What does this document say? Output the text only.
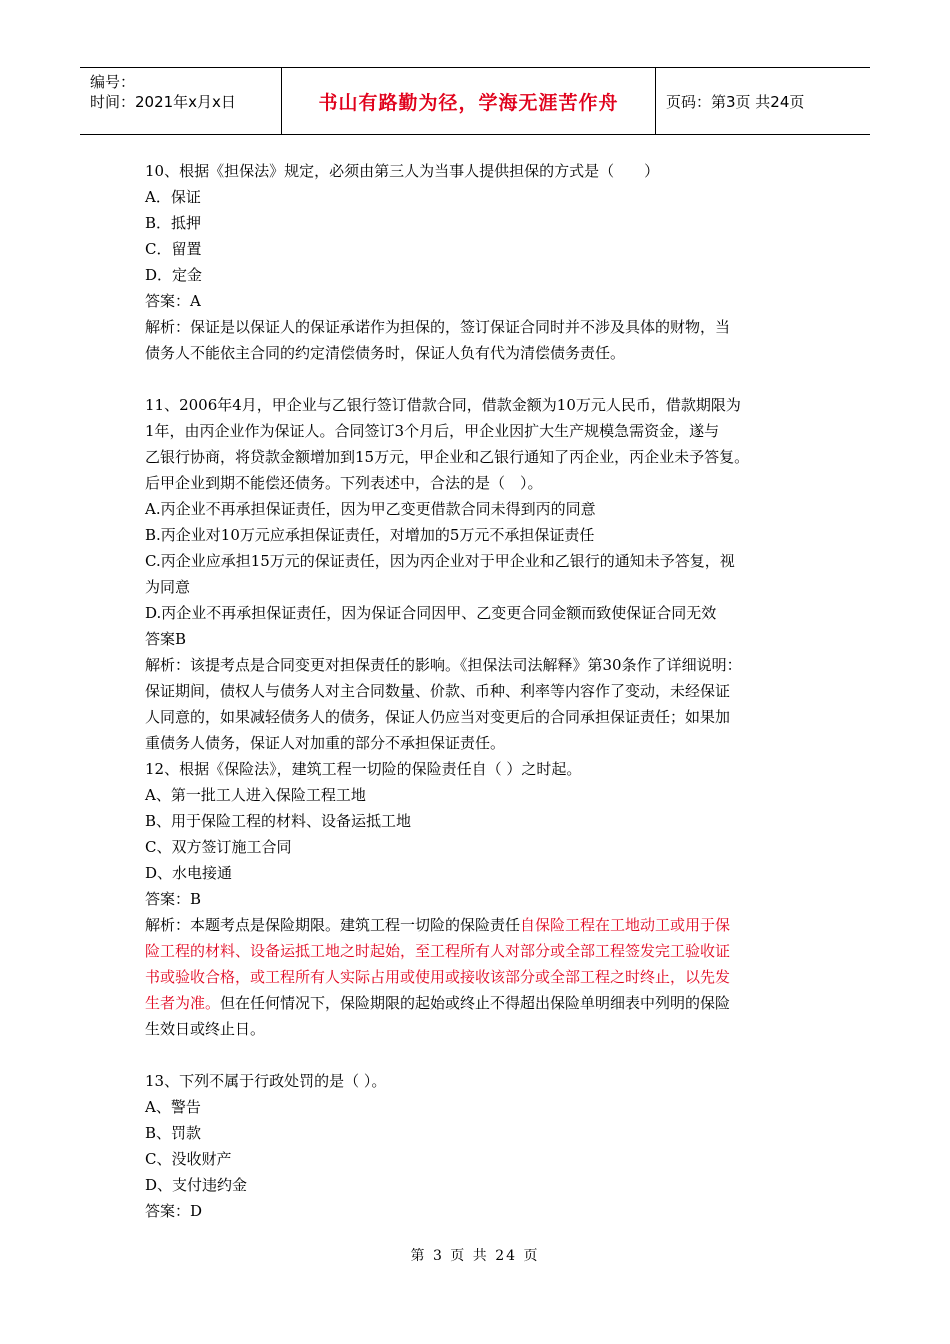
编号：
时间：2021年x月x日	书山有路勤为径，学海无涯苦作舟	页码：第3页 共24页

10、根据《担保法》规定，必须由第三人为当事人提供担保的方式是（　　）

A．保证

B．抵押

C．留置

D．定金

答案：A

解析：保证是以保证人的保证承诺作为担保的，签订保证合同时并不涉及具体的财物，当

债务人不能依主合同的约定清偿债务时，保证人负有代为清偿债务责任。

11、2006年4月，甲企业与乙银行签订借款合同，借款金额为10万元人民币，借款期限为

1年，由丙企业作为保证人。合同签订3个月后，甲企业因扩大生产规模急需资金，遂与

乙银行协商，将贷款金额增加到15万元，甲企业和乙银行通知了丙企业，丙企业未予答复。

后甲企业到期不能偿还债务。下列表述中，合法的是（　）。

A.丙企业不再承担保证责任，因为甲乙变更借款合同未得到丙的同意

B.丙企业对10万元应承担保证责任，对增加的5万元不承担保证责任

C.丙企业应承担15万元的保证责任，因为丙企业对于甲企业和乙银行的通知未予答复，视

为同意

D.丙企业不再承担保证责任，因为保证合同因甲、乙变更合同金额而致使保证合同无效

答案B

解析：该提考点是合同变更对担保责任的影响。《担保法司法解释》第30条作了详细说明：

保证期间，债权人与债务人对主合同数量、价款、币种、利率等内容作了变动，未经保证

人同意的，如果减轻债务人的债务，保证人仍应当对变更后的合同承担保证责任；如果加

重债务人债务，保证人对加重的部分不承担保证责任。

12、根据《保险法》，建筑工程一切险的保险责任自（ ）之时起。

A、第一批工人进入保险工程工地

B、用于保险工程的材料、设备运抵工地

C、双方签订施工合同

D、水电接通

答案：B

解析：本题考点是保险期限。建筑工程一切险的保险责任自保险工程在工地动工或用于保

险工程的材料、设备运抵工地之时起始，至工程所有人对部分或全部工程签发完工验收证

书或验收合格，或工程所有人实际占用或使用或接收该部分或全部工程之时终止，以先发

生者为准。但在任何情况下，保险期限的起始或终止不得超出保险单明细表中列明的保险

生效日或终止日。

13、下列不属于行政处罚的是（ ）。

A、警告

B、罚款

C、没收财产

D、支付违约金

答案：D

第 3 页 共 24 页
